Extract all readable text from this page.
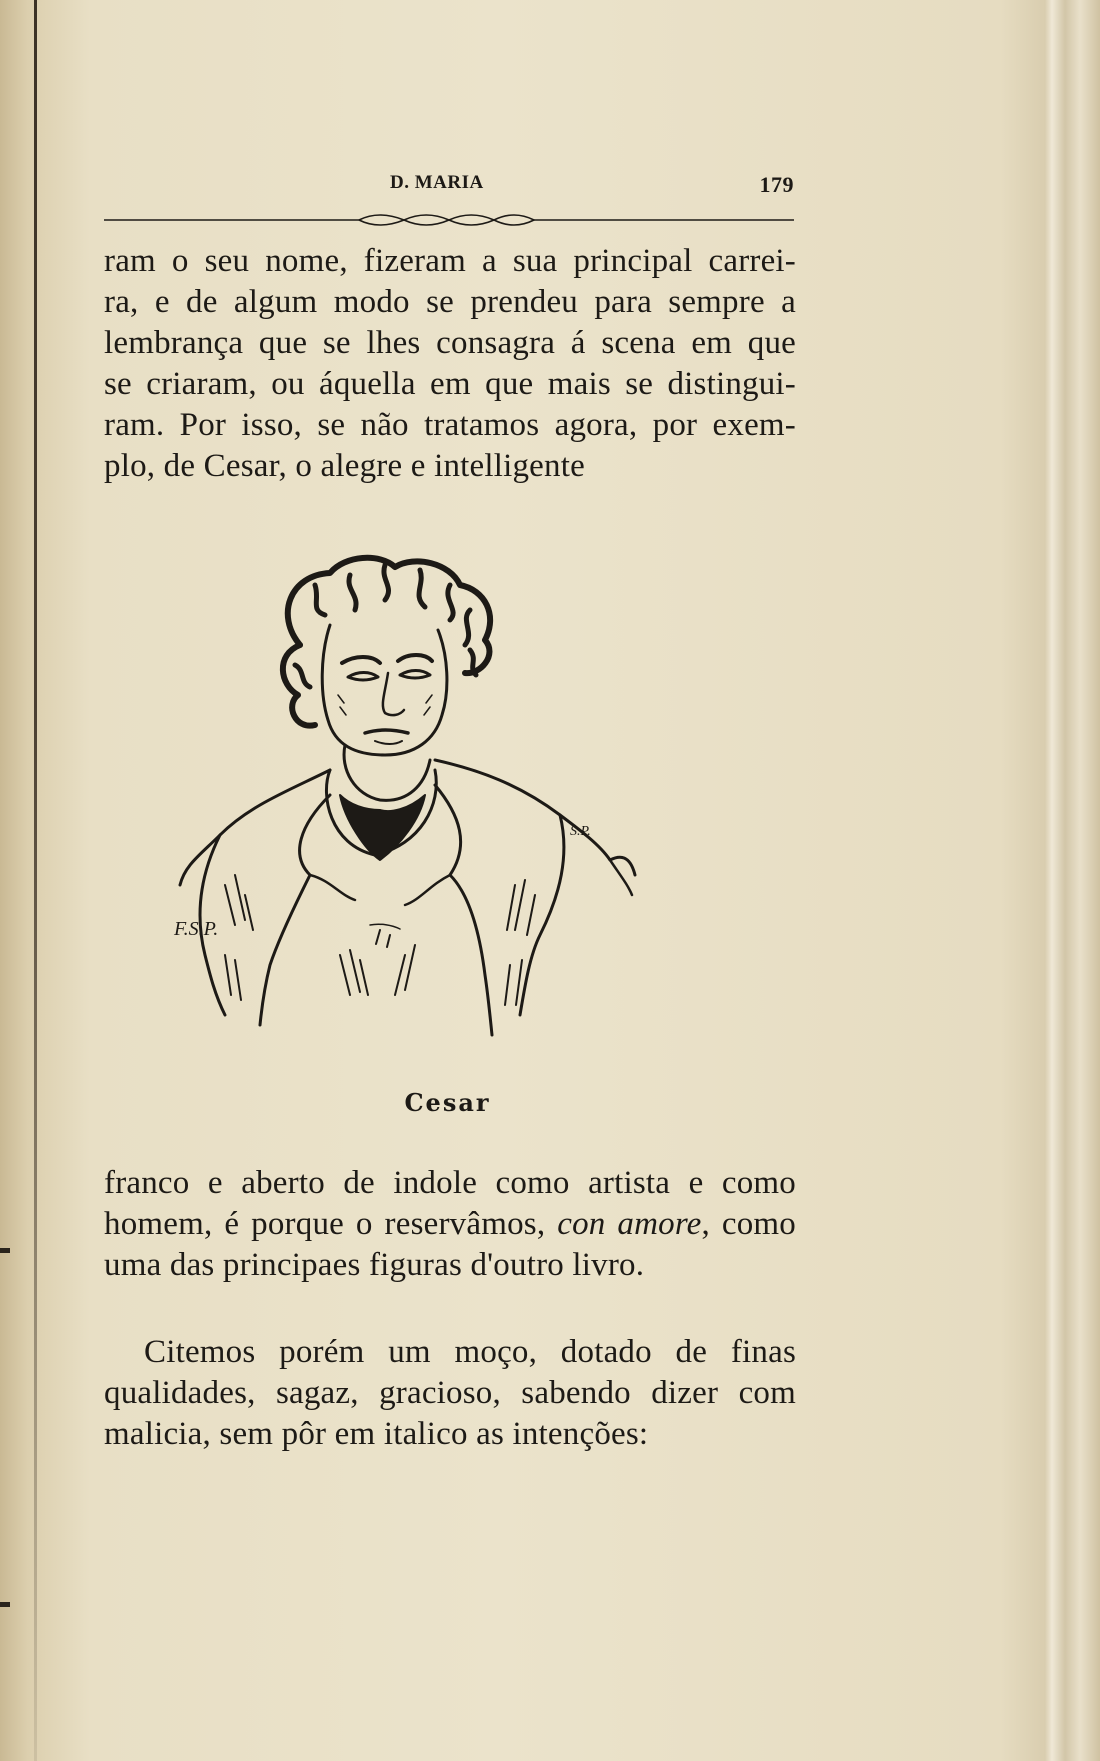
D. MARIA	179
ram o seu nome, fizeram a sua principal carrei-
ra, e de algum modo se prendeu para sempre a
lembrança que se lhes consagra á scena em que
se criaram, ou áquella em que mais se distingui-
ram. Por isso, se não tratamos agora, por exem-
plo, de Cesar, o alegre e intelligente
F.S.P.
S.P.
Cesar
franco e aberto de indole como artista e como
homem, é porque o reservâmos, con amore, como
uma das principaes figuras d'outro livro.
Citemos porém um moço, dotado de finas
qualidades, sagaz, gracioso, sabendo dizer com
malicia, sem pôr em italico as intenções:
